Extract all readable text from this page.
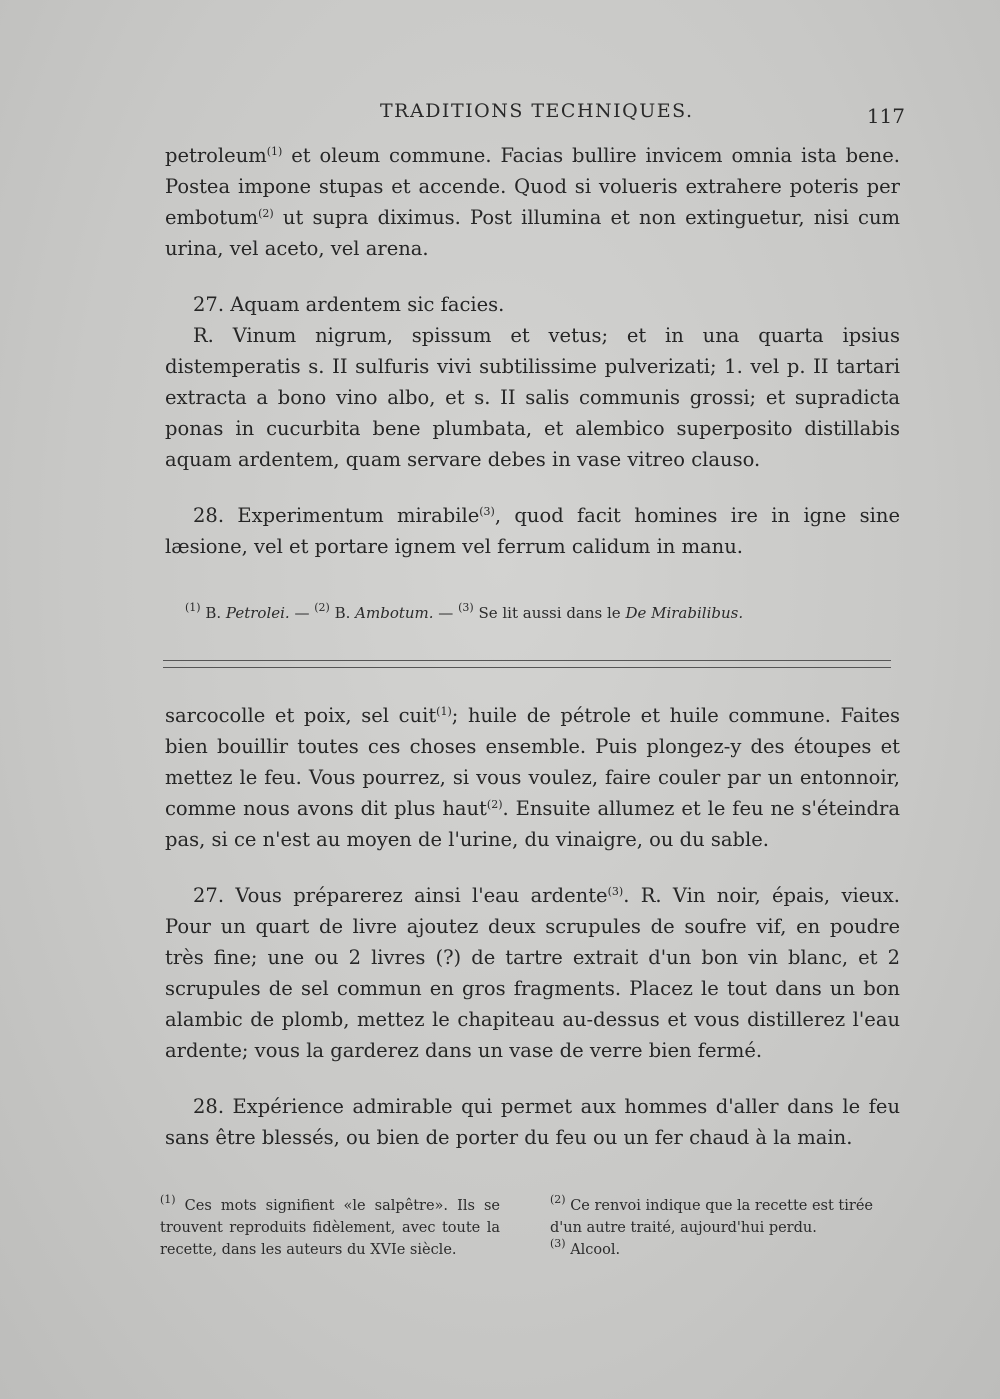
TRADITIONS TECHNIQUES.	117

petroleum$^{(1)}$ et oleum commune. Facias bullire invicem omnia ista bene. Postea impone stupas et accende. Quod si volueris extrahere poteris per embotum$^{(2)}$ ut supra diximus. Post illumina et non extinguetur, nisi cum urina, vel aceto, vel arena.

27. Aquam ardentem sic facies.

R. Vinum nigrum, spissum et vetus; et in una quarta ipsius distemperatis s. II sulfuris vivi subtilissime pulverizati; 1. vel p. II tartari extracta a bono vino albo, et s. II salis communis grossi; et supradicta ponas in cucurbita bene plumbata, et alembico superposito distillabis aquam ardentem, quam servare debes in vase vitreo clauso.

28. Experimentum mirabile$^{(3)}$, quod facit homines ire in igne sine læsione, vel et portare ignem vel ferrum calidum in manu.

$^{(1)}$ B. Petrolei. — $^{(2)}$ B. Ambotum. — $^{(3)}$ Se lit aussi dans le De Mirabilibus.

sarcocolle et poix, sel cuit$^{(1)}$; huile de pétrole et huile commune. Faites bien bouillir toutes ces choses ensemble. Puis plongez-y des étoupes et mettez le feu. Vous pourrez, si vous voulez, faire couler par un entonnoir, comme nous avons dit plus haut$^{(2)}$. Ensuite allumez et le feu ne s'éteindra pas, si ce n'est au moyen de l'urine, du vinaigre, ou du sable.

27. Vous préparerez ainsi l'eau ardente$^{(3)}$. R. Vin noir, épais, vieux. Pour un quart de livre ajoutez deux scrupules de soufre vif, en poudre très fine; une ou 2 livres (?) de tartre extrait d'un bon vin blanc, et 2 scrupules de sel commun en gros fragments. Placez le tout dans un bon alambic de plomb, mettez le chapiteau au-dessus et vous distillerez l'eau ardente; vous la garderez dans un vase de verre bien fermé.

28. Expérience admirable qui permet aux hommes d'aller dans le feu sans être blessés, ou bien de porter du feu ou un fer chaud à la main.

$^{(1)}$ Ces mots signifient «le salpêtre». Ils se trouvent reproduits fidèlement, avec toute la recette, dans les auteurs du XVIe siècle.

$^{(2)}$ Ce renvoi indique que la recette est tirée d'un autre traité, aujourd'hui perdu.

$^{(3)}$ Alcool.
